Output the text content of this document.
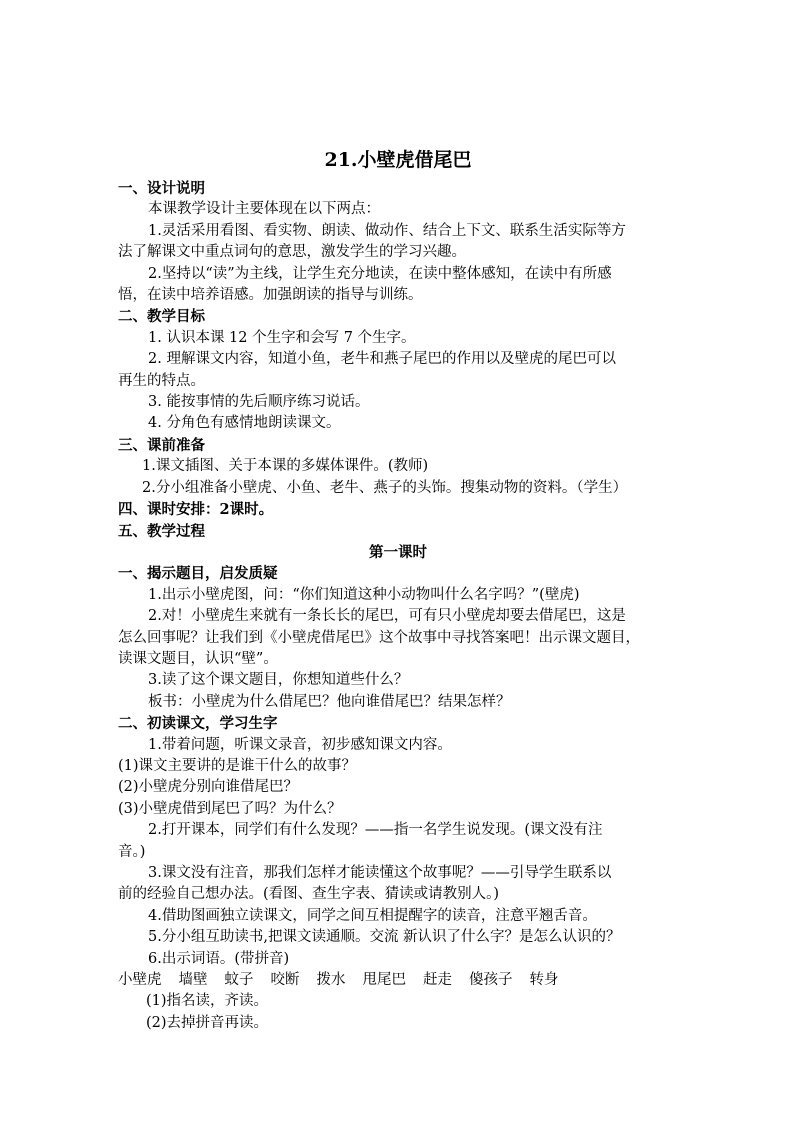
21.小壁虎借尾巴
一、设计说明
本课教学设计主要体现在以下两点：
1.灵活采用看图、看实物、朗读、做动作、结合上下文、联系生活实际等方
法了解课文中重点词句的意思，激发学生的学习兴趣。
2.坚持以“读”为主线，让学生充分地读，在读中整体感知，在读中有所感
悟，在读中培养语感。加强朗读的指导与训练。
二、教学目标
1. 认识本课 12 个生字和会写 7 个生字。
2. 理解课文内容，知道小鱼，老牛和燕子尾巴的作用以及壁虎的尾巴可以
再生的特点。
3. 能按事情的先后顺序练习说话。
4. 分角色有感情地朗读课文。
三、课前准备
1.课文插图、关于本课的多媒体课件。(教师)
2.分小组准备小壁虎、小鱼、老牛、燕子的头饰。搜集动物的资料。（学生）
四、课时安排：2课时。
五、教学过程
第一课时
一、揭示题目，启发质疑
1.出示小壁虎图，问：“你们知道这种小动物叫什么名字吗？”(壁虎)
2.对！小壁虎生来就有一条长长的尾巴，可有只小壁虎却要去借尾巴，这是
怎么回事呢？让我们到《小壁虎借尾巴》这个故事中寻找答案吧！出示课文题目，
读课文题目，认识“壁”。
3.读了这个课文题目，你想知道些什么？
板书：小壁虎为什么借尾巴？他向谁借尾巴？结果怎样？
二、初读课文，学习生字
1.带着问题，听课文录音，初步感知课文内容。
(1)课文主要讲的是谁干什么的故事？
(2)小壁虎分别向谁借尾巴？
(3)小壁虎借到尾巴了吗？为什么？
2.打开课本，同学们有什么发现？——指一名学生说发现。(课文没有注
音。)
3.课文没有注音，那我们怎样才能读懂这个故事呢？——引导学生联系以
前的经验自己想办法。(看图、查生字表、猜读或请教别人。)
4.借助图画独立读课文，同学之间互相提醒字的读音，注意平翘舌音。
5.分小组互助读书,把课文读通顺。交流 新认识了什么字？是怎么认识的？
6.出示词语。(带拼音)
小壁虎 墙壁 蚊子 咬断 拨水 甩尾巴 赶走 傻孩子 转身
(1)指名读，齐读。
(2)去掉拼音再读。
